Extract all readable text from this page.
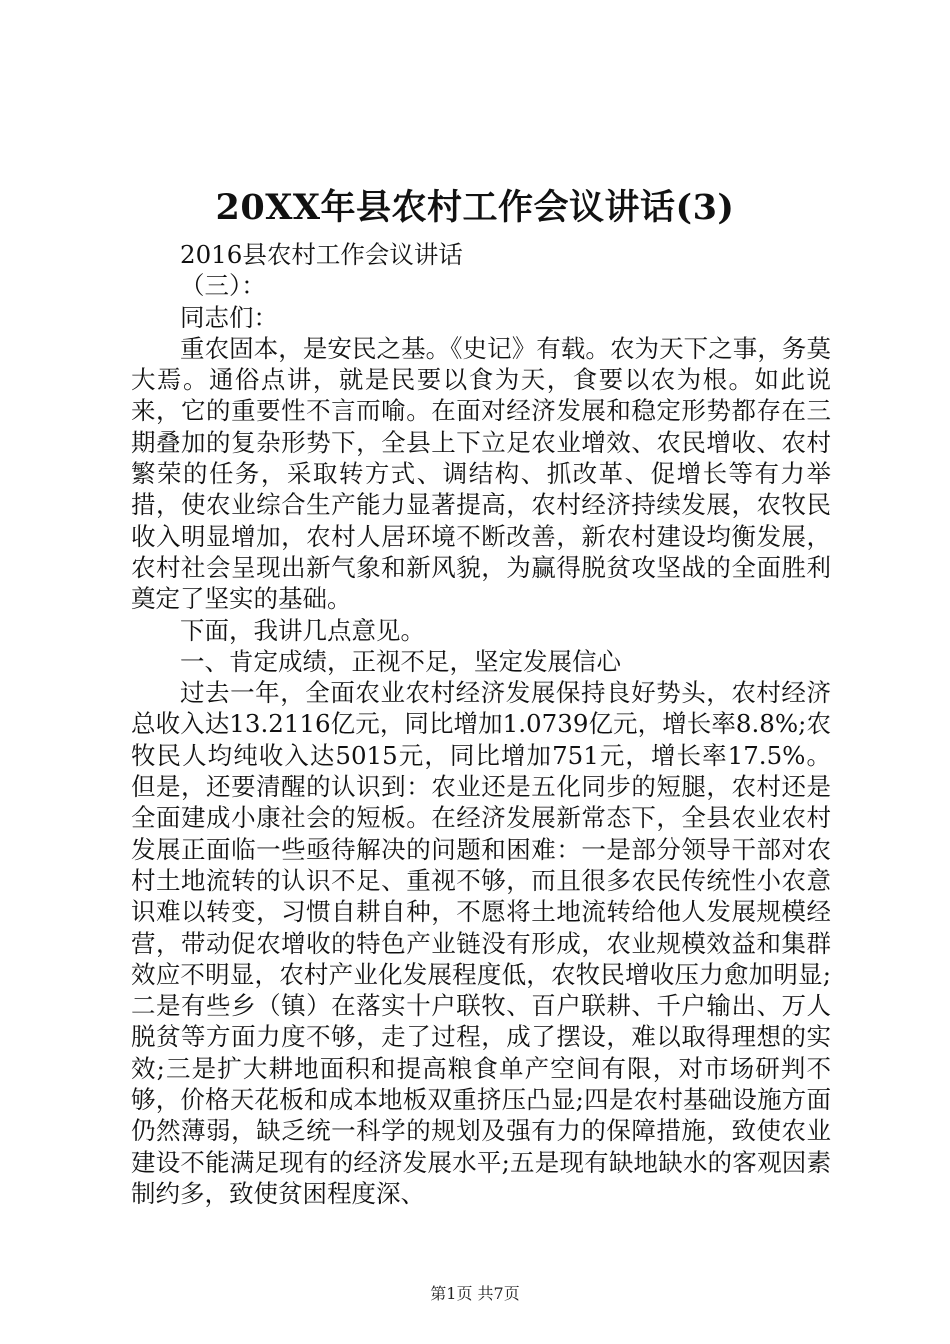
20XX年县农村工作会议讲话(3)

2016县农村工作会议讲话

（三）：

同志们：

重农固本，是安民之基。《史记》有载。农为天下之事，务莫大焉。通俗点讲，就是民要以食为天，食要以农为根。如此说来，它的重要性不言而喻。在面对经济发展和稳定形势都存在三期叠加的复杂形势下，全县上下立足农业增效、农民增收、农村繁荣的任务，采取转方式、调结构、抓改革、促增长等有力举措，使农业综合生产能力显著提高，农村经济持续发展，农牧民收入明显增加，农村人居环境不断改善，新农村建设均衡发展，农村社会呈现出新气象和新风貌，为赢得脱贫攻坚战的全面胜利奠定了坚实的基础。

下面，我讲几点意见。

一、肯定成绩，正视不足，坚定发展信心

过去一年，全面农业农村经济发展保持良好势头，农村经济总收入达13.2116亿元，同比增加1.0739亿元，增长率8.8%;农牧民人均纯收入达5015元，同比增加751元，增长率17.5%。但是，还要清醒的认识到：农业还是五化同步的短腿，农村还是全面建成小康社会的短板。在经济发展新常态下，全县农业农村发展正面临一些亟待解决的问题和困难：一是部分领导干部对农村土地流转的认识不足、重视不够，而且很多农民传统性小农意识难以转变，习惯自耕自种，不愿将土地流转给他人发展规模经营，带动促农增收的特色产业链没有形成，农业规模效益和集群效应不明显，农村产业化发展程度低，农牧民增收压力愈加明显;二是有些乡（镇）在落实十户联牧、百户联耕、千户输出、万人脱贫等方面力度不够，走了过程，成了摆设，难以取得理想的实效;三是扩大耕地面积和提高粮食单产空间有限，对市场研判不够，价格天花板和成本地板双重挤压凸显;四是农村基础设施方面仍然薄弱，缺乏统一科学的规划及强有力的保障措施，致使农业建设不能满足现有的经济发展水平;五是现有缺地缺水的客观因素制约多，致使贫困程度深、

第1页 共7页
